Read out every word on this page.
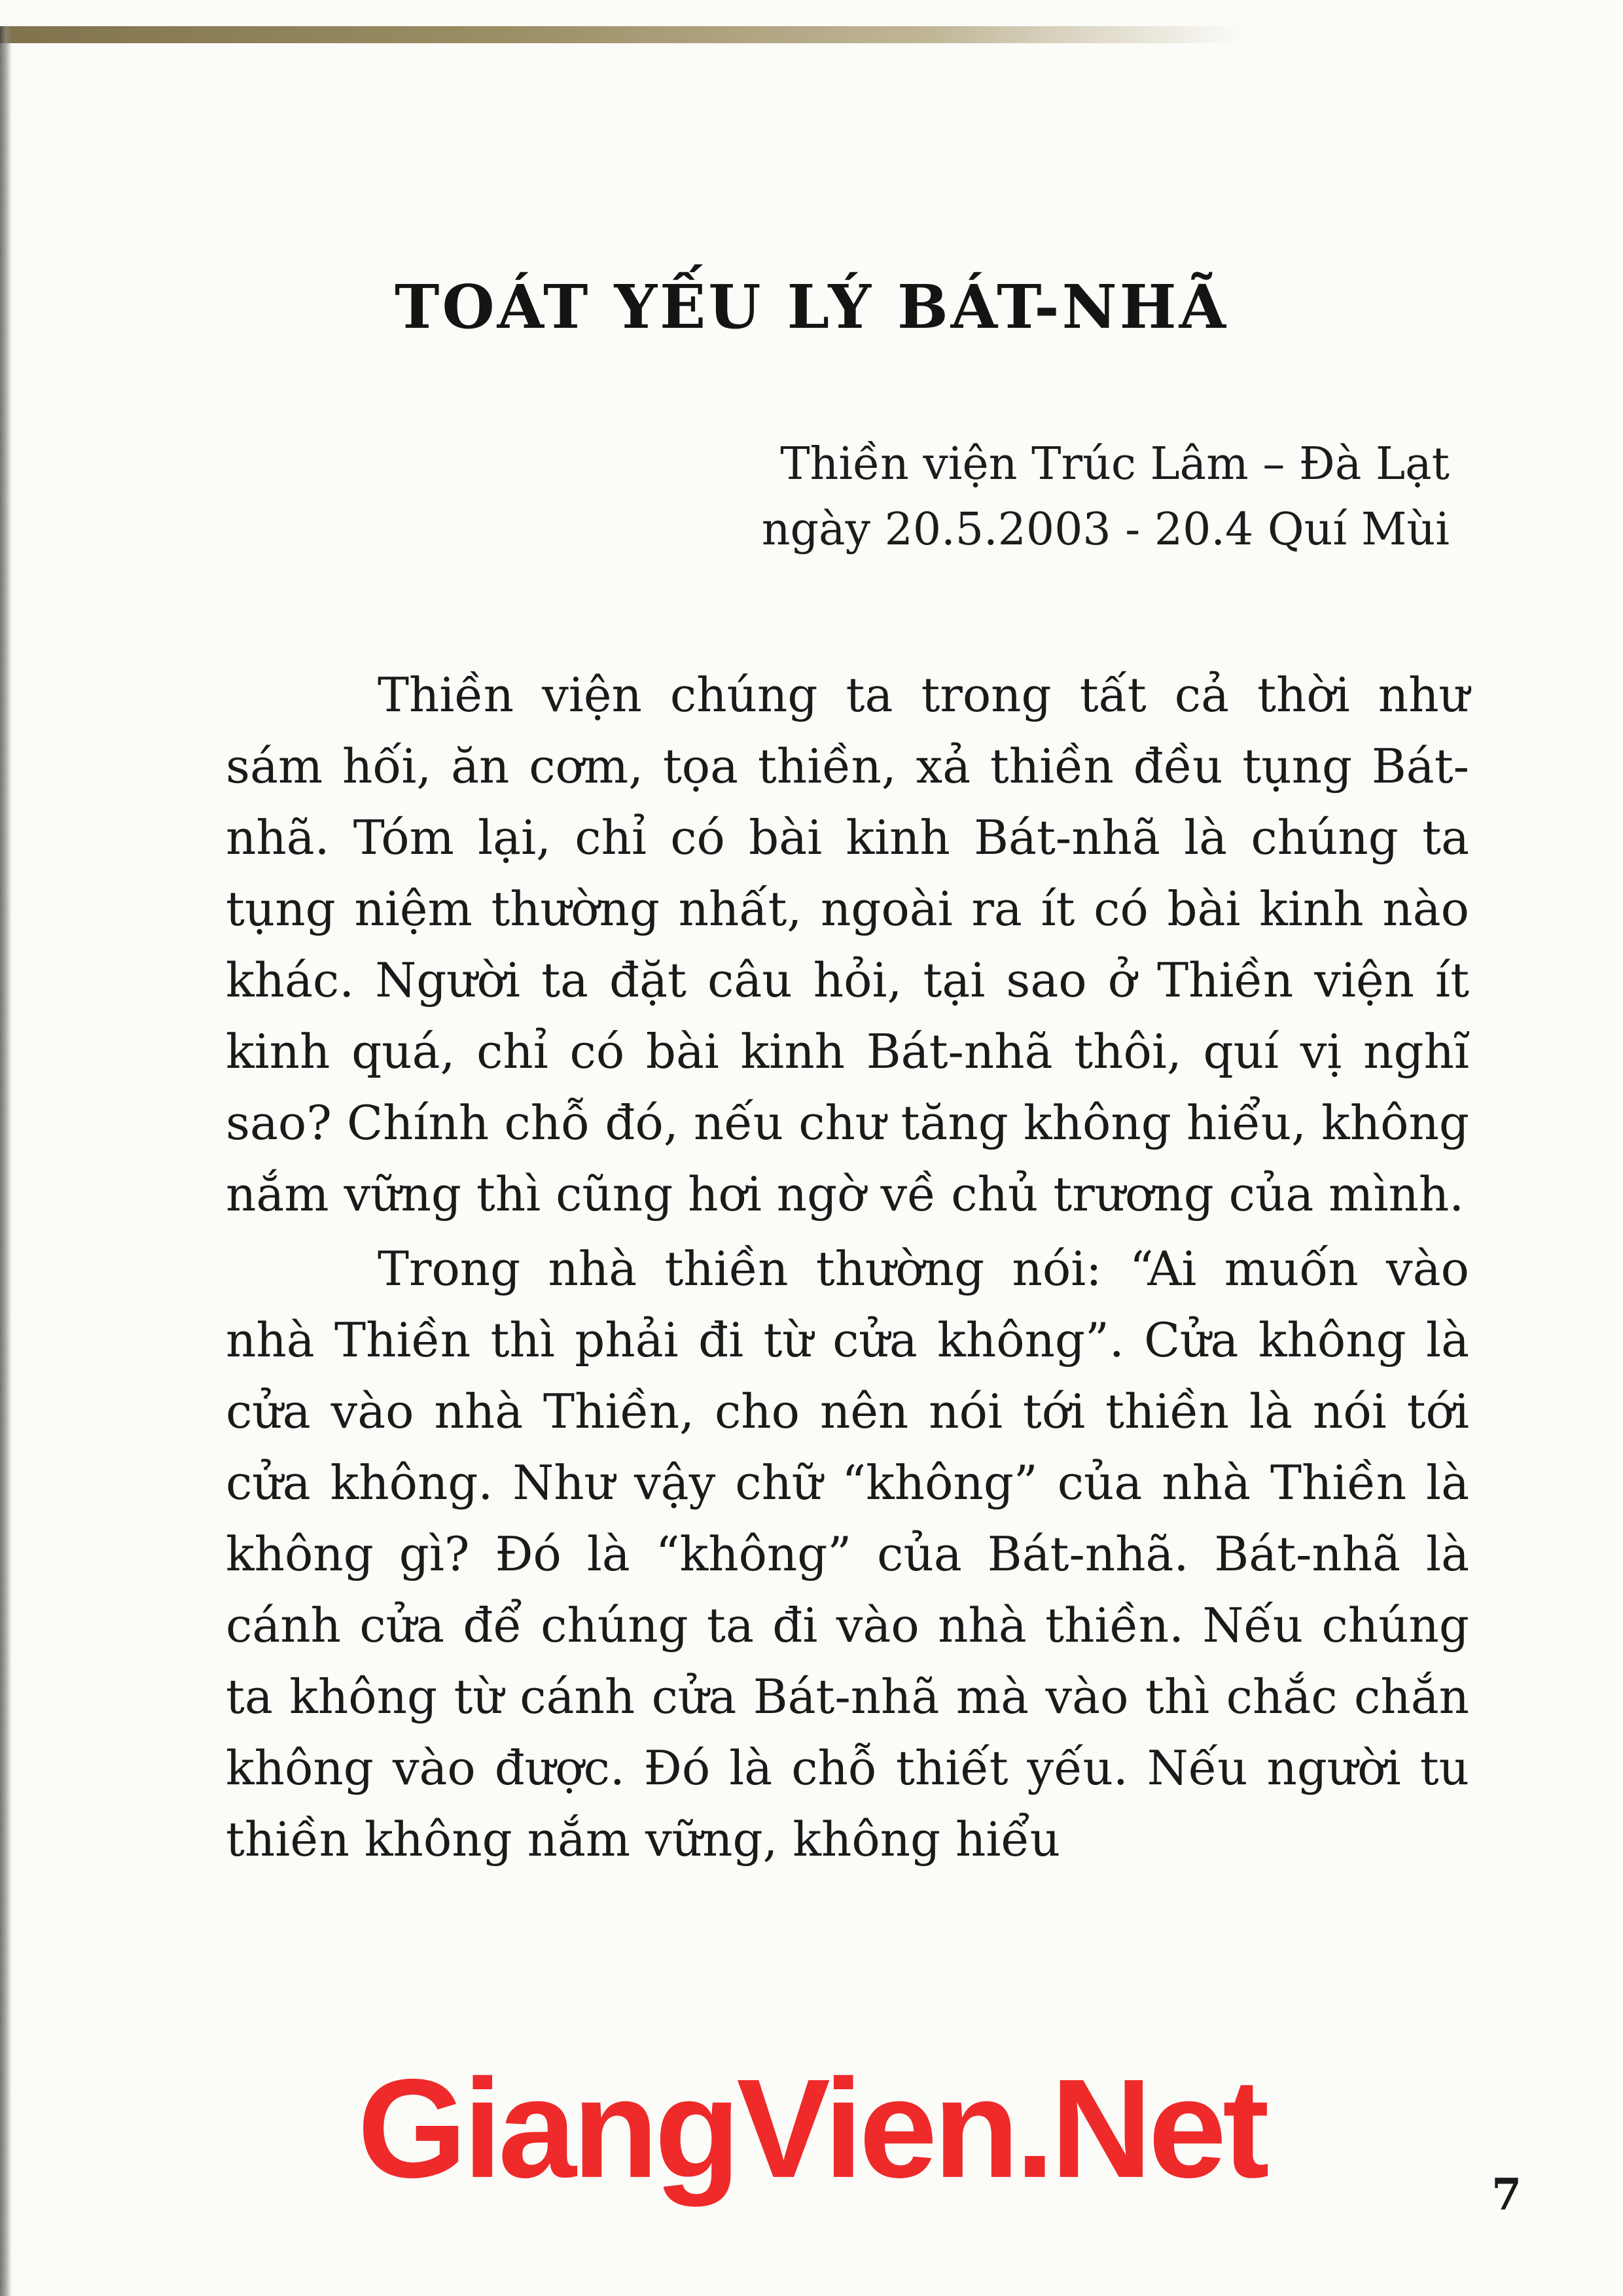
TOÁT YẾU LÝ BÁT-NHÃ
Thiền viện Trúc Lâm – Đà Lạt
ngày 20.5.2003 - 20.4 Quí Mùi

Thiền viện chúng ta trong tất cả thời như sám hối, ăn cơm, tọa thiền, xả thiền đều tụng Bát-nhã. Tóm lại, chỉ có bài kinh Bát-nhã là chúng ta tụng niệm thường nhất, ngoài ra ít có bài kinh nào khác. Người ta đặt câu hỏi, tại sao ở Thiền viện ít kinh quá, chỉ có bài kinh Bát-nhã thôi, quí vị nghĩ sao? Chính chỗ đó, nếu chư tăng không hiểu, không nắm vững thì cũng hơi ngờ về chủ trương của mình.

Trong nhà thiền thường nói: “Ai muốn vào nhà Thiền thì phải đi từ cửa không”. Cửa không là cửa vào nhà Thiền, cho nên nói tới thiền là nói tới cửa không. Như vậy chữ “không” của nhà Thiền là không gì? Đó là “không” của Bát-nhã. Bát-nhã là cánh cửa để chúng ta đi vào nhà thiền. Nếu chúng ta không từ cánh cửa Bát-nhã mà vào thì chắc chắn không vào được. Đó là chỗ thiết yếu. Nếu người tu thiền không nắm vững, không hiểu

GiangVien.Net	7
